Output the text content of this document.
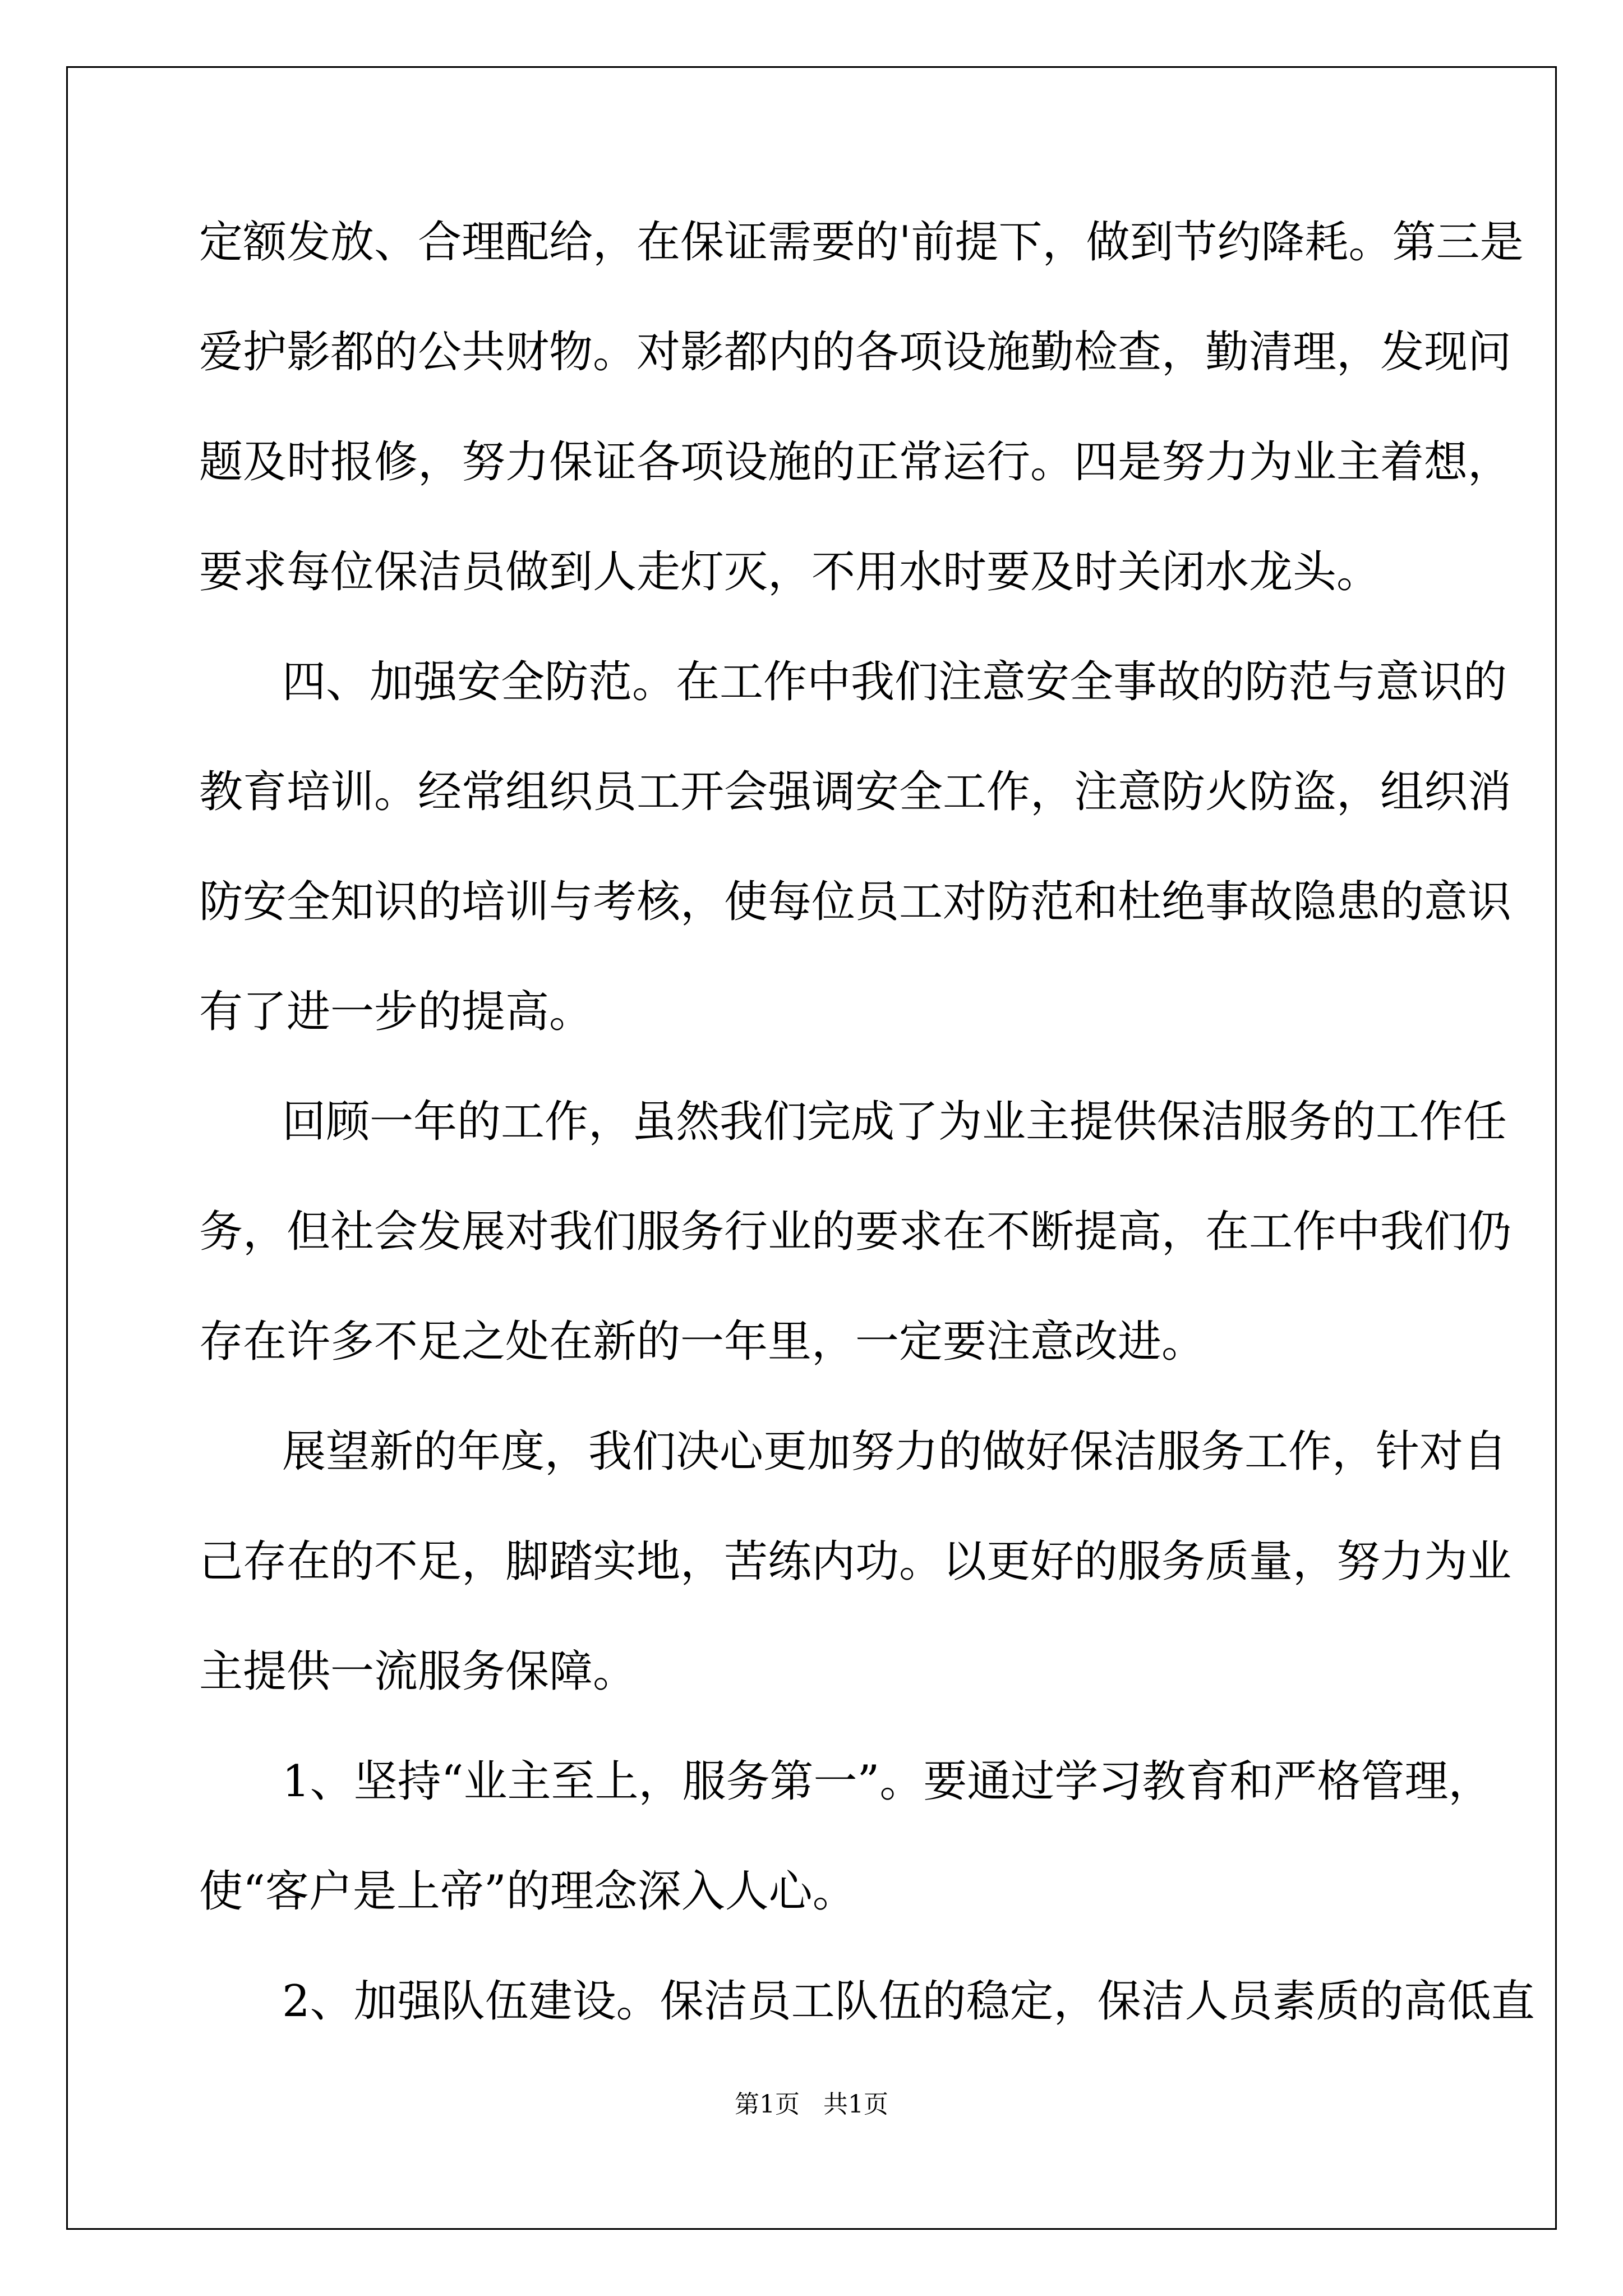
定额发放、合理配给，在保证需要的'前提下，做到节约降耗。第三是
爱护影都的公共财物。对影都内的各项设施勤检查，勤清理，发现问
题及时报修，努力保证各项设施的正常运行。四是努力为业主着想，
要求每位保洁员做到人走灯灭，不用水时要及时关闭水龙头。
四、加强安全防范。在工作中我们注意安全事故的防范与意识的
教育培训。经常组织员工开会强调安全工作，注意防火防盗，组织消
防安全知识的培训与考核，使每位员工对防范和杜绝事故隐患的意识
有了进一步的提高。
回顾一年的工作，虽然我们完成了为业主提供保洁服务的工作任
务，但社会发展对我们服务行业的要求在不断提高，在工作中我们仍
存在许多不足之处在新的一年里，一定要注意改进。
展望新的年度，我们决心更加努力的做好保洁服务工作，针对自
己存在的不足，脚踏实地，苦练内功。以更好的服务质量，努力为业
主提供一流服务保障。
1、坚持“业主至上，服务第一”。要通过学习教育和严格管理，
使“客户是上帝”的理念深入人心。
2、加强队伍建设。保洁员工队伍的稳定，保洁人员素质的高低直
第1页   共1页
